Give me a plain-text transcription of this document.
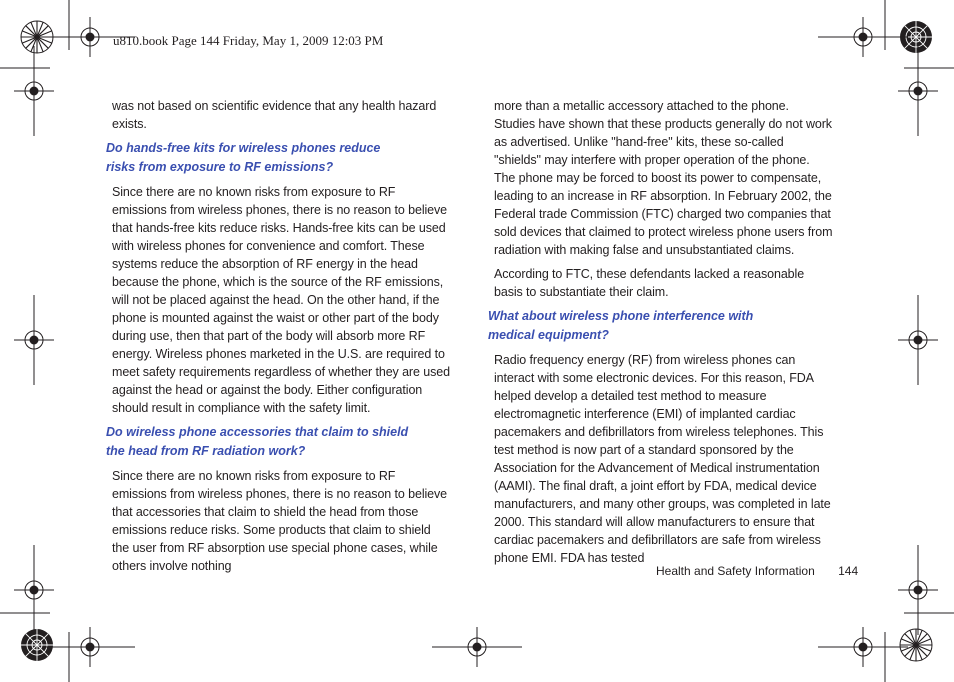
u810.book Page 144 Friday, May 1, 2009 12:03 PM

was not based on scientific evidence that any health hazard exists.

Do hands-free kits for wireless phones reduce
risks from exposure to RF emissions?

Since there are no known risks from exposure to RF emissions from wireless phones, there is no reason to believe that hands-free kits reduce risks. Hands-free kits can be used with wireless phones for convenience and comfort. These systems reduce the absorption of RF energy in the head because the phone, which is the source of the RF emissions, will not be placed against the head. On the other hand, if the phone is mounted against the waist or other part of the body during use, then that part of the body will absorb more RF energy. Wireless phones marketed in the U.S. are required to meet safety requirements regardless of whether they are used against the head or against the body. Either configuration should result in compliance with the safety limit.

Do wireless phone accessories that claim to shield
the head from RF radiation work?

Since there are no known risks from exposure to RF emissions from wireless phones, there is no reason to believe that accessories that claim to shield the head from those emissions reduce risks. Some products that claim to shield the user from RF absorption use special phone cases, while others involve nothing

more than a metallic accessory attached to the phone. Studies have shown that these products generally do not work as advertised. Unlike "hand-free" kits, these so-called "shields" may interfere with proper operation of the phone. The phone may be forced to boost its power to compensate, leading to an increase in RF absorption. In February 2002, the Federal trade Commission (FTC) charged two companies that sold devices that claimed to protect wireless phone users from radiation with making false and unsubstantiated claims.

According to FTC, these defendants lacked a reasonable basis to substantiate their claim.

What about wireless phone interference with
medical equipment?

Radio frequency energy (RF) from wireless phones can interact with some electronic devices. For this reason, FDA helped develop a detailed test method to measure electromagnetic interference (EMI) of implanted cardiac pacemakers and defibrillators from wireless telephones. This test method is now part of a standard sponsored by the Association for the Advancement of Medical instrumentation (AAMI). The final draft, a joint effort by FDA, medical device manufacturers, and many other groups, was completed in late 2000. This standard will allow manufacturers to ensure that cardiac pacemakers and defibrillators are safe from wireless phone EMI. FDA has tested

Health and Safety Information 144
